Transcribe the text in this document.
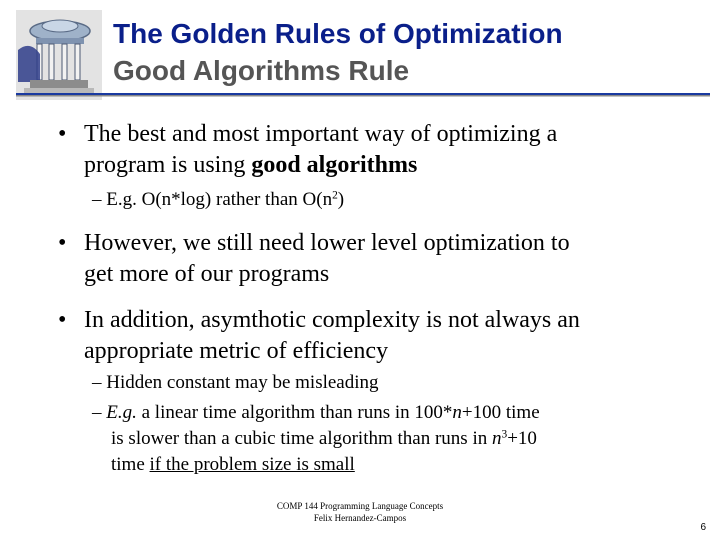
The Golden Rules of Optimization
Good Algorithms Rule
• The best and most important way of optimizing a
program is using good algorithms
– E.g. O(n*log) rather than $O(n^2)$
• However, we still need lower level optimization to
get more of our programs
• In addition, asymthotic complexity is not always an
appropriate metric of efficiency
– Hidden constant may be misleading
– E.g. a linear time algorithm than runs in 100*n+100 time
is slower than a cubic time algorithm than runs in $n^3+10$
time if the problem size is small
COMP 144 Programming Language Concepts
Felix Hernandez-Campos
6
